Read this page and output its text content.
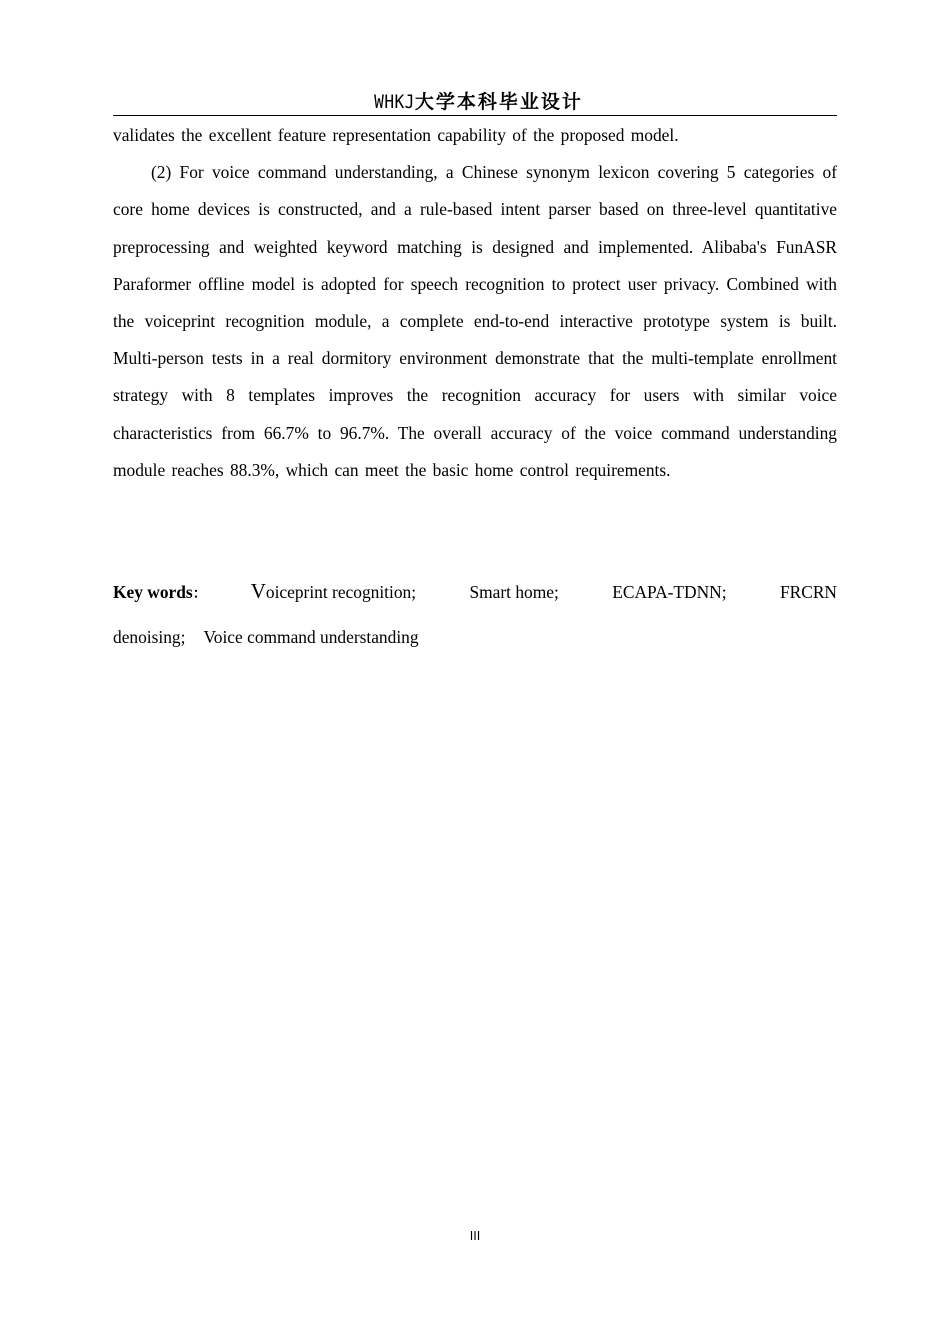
WHKJ大学本科毕业设计

validates the excellent feature representation capability of the proposed model.

(2) For voice command understanding, a Chinese synonym lexicon covering 5 categories of core home devices is constructed, and a rule-based intent parser based on three-level quantitative preprocessing and weighted keyword matching is designed and implemented. Alibaba's FunASR Paraformer offline model is adopted for speech recognition to protect user privacy. Combined with the voiceprint recognition module, a complete end-to-end interactive prototype system is built. Multi-person tests in a real dormitory environment demonstrate that the multi-template enrollment strategy with 8 templates improves the recognition accuracy for users with similar voice characteristics from 66.7% to 96.7%. The overall accuracy of the voice command understanding module reaches 88.3%, which can meet the basic home control requirements.

Key words： Voiceprint recognition;	Smart home;	ECAPA-TDNN;	FRCRN
denoising; Voice command understanding
III
